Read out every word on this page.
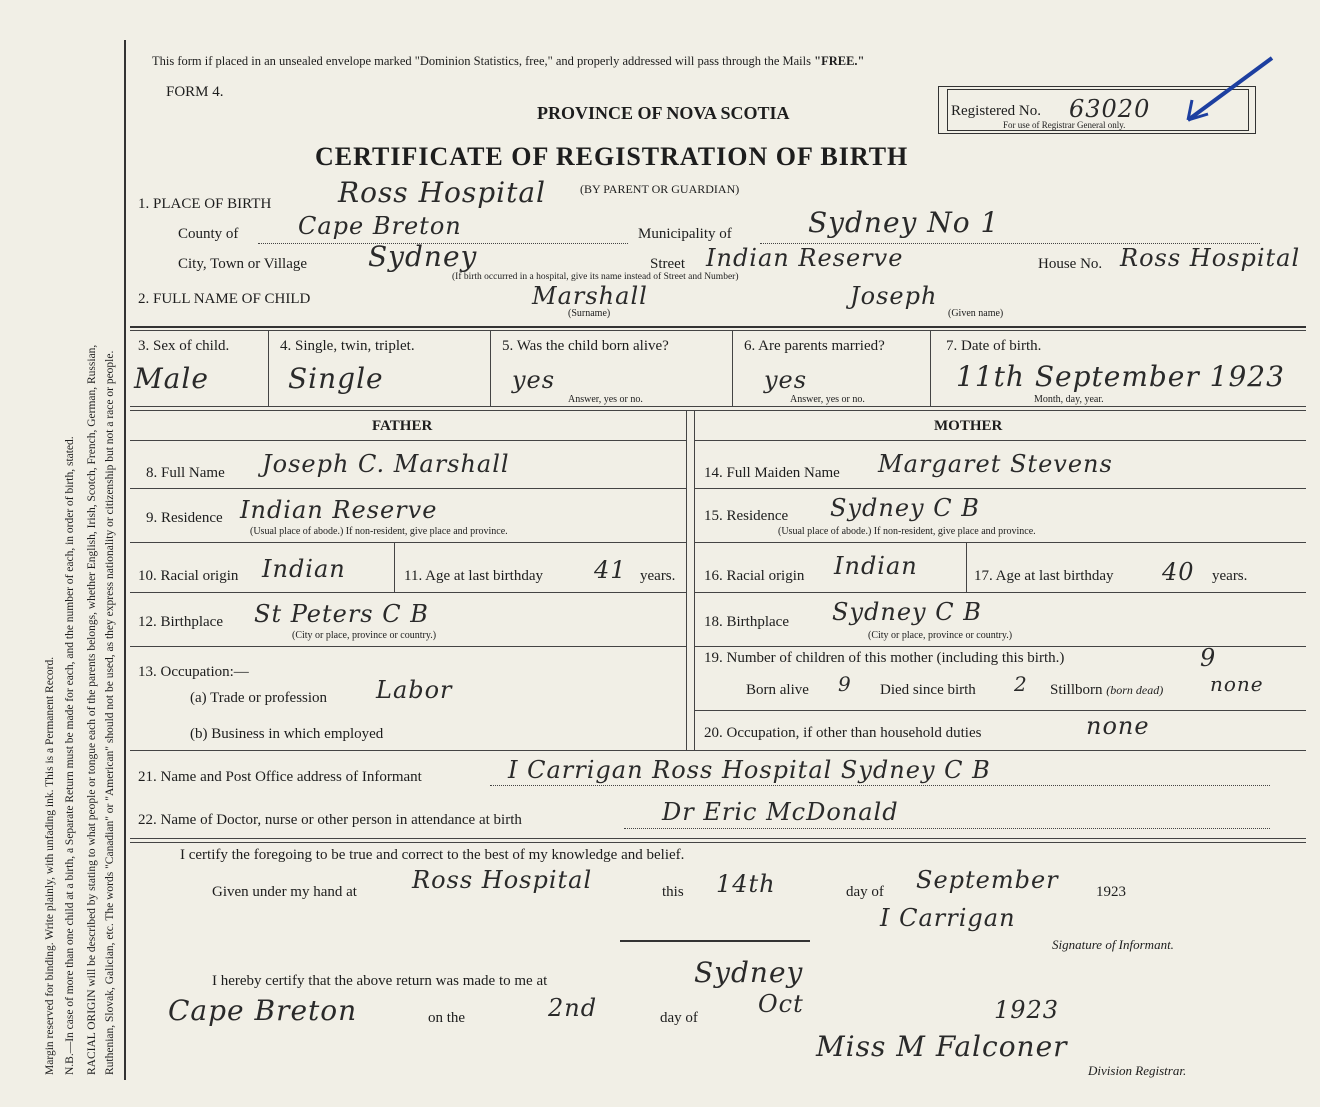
Margin reserved for binding. Write plainly, with unfading ink. This is a Permanent Record. N.B.—In case of more than one child at a birth, a Separate Return must be made for each, and the number of each, in order of birth, stated. RACIAL ORIGIN will be described by stating to what people or tongue each of the parents belongs, whether English, Irish, Scotch, French, German, Russian, Ruthenian, Slovak, Galician, etc. The words "Canadian" or "American" should not be used, as they express nationality or citizenship but not a race or people.
This form if placed in an unsealed envelope marked "Dominion Statistics, free," and properly addressed will pass through the Mails "FREE."
FORM 4.
PROVINCE OF NOVA SCOTIA	Registered No. 63020
For use of Registrar General only.
CERTIFICATE OF REGISTRATION OF BIRTH
1. PLACE OF BIRTH Ross Hospital	(BY PARENT OR GUARDIAN)
County of Cape Breton	Municipality of	Sydney No 1
City, Town or Village Sydney	Street Indian Reserve	House No. Ross Hospital
(If birth occurred in a hospital, give its name instead of Street and Number)
2. FULL NAME OF CHILD	Marshall
(Surname)
Joseph
(Given name)
3. Sex of child.
Male
4. Single, twin, triplet.
Single
5. Was the child born alive?
yes
Answer, yes or no.
6. Are parents married?
yes
Answer, yes or no.
7. Date of birth.
11th September 1923
Month, day, year.
FATHER	MOTHER
8. Full Name Joseph C. Marshall
9. Residence Indian Reserve
(Usual place of abode.) If non-resident, give place and province.
10. Racial origin Indian	11. Age at last birthday 41 years.
12. Birthplace St Peters C B
(City or place, province or country.)
13. Occupation:—
(a) Trade or profession Labor
(b) Business in which employed
14. Full Maiden Name Margaret Stevens
15. Residence Sydney C B
(Usual place of abode.) If non-resident, give place and province.
16. Racial origin Indian	17. Age at last birthday 40 years.
18. Birthplace Sydney C B
(City or place, province or country.)
19. Number of children of this mother (including this birth.)	9
Born alive 9 Died since birth 2 Stillborn (born dead) none
20. Occupation, if other than household duties	none
21. Name and Post Office address of Informant	I Carrigan Ross Hospital Sydney C B
22. Name of Doctor, nurse or other person in attendance at birth	Dr Eric McDonald
I certify the foregoing to be true and correct to the best of my knowledge and belief.
Given under my hand at Ross Hospital	this 14th	day of September 1923
I Carrigan
Signature of Informant.
I hereby certify that the above return was made to me at	Sydney
Cape Breton	on the	2nd	day of	Oct	1923
Miss M Falconer
Division Registrar.
